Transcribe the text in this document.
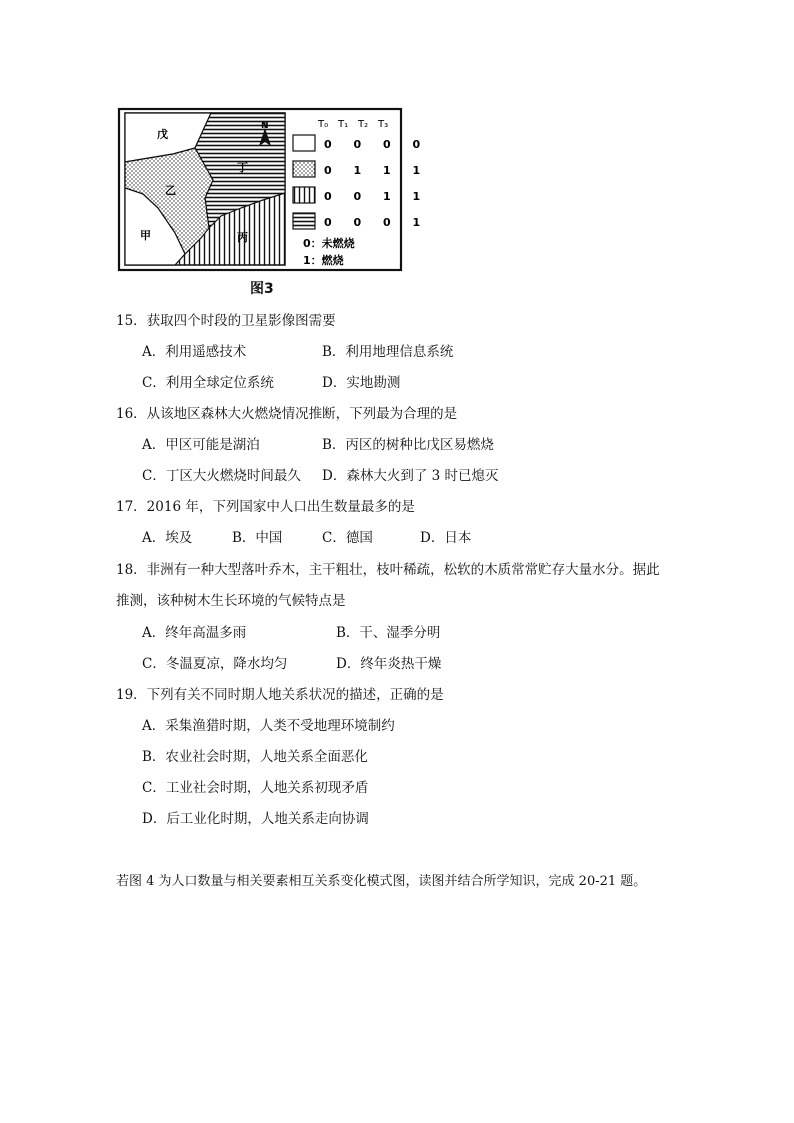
戊
丁
乙
甲	丙
N	T₀ T₁ T₂ T₃
0 0 0 0
0 1 1 1
0 0 1 1
0 0 0 1
0：未燃烧
1：燃烧
图3
15．获取四个时段的卫星影像图需要
A．利用遥感技术	B．利用地理信息系统
C．利用全球定位系统	D．实地勘测
16．从该地区森林大火燃烧情况推断，下列最为合理的是
A．甲区可能是湖泊	B．丙区的树种比戊区易燃烧
C．丁区大火燃烧时间最久 D．森林大火到了 3 时已熄灭
17．2016 年，下列国家中人口出生数量最多的是
A．埃及	B．中国	C．德国	D．日本
18．非洲有一种大型落叶乔木，主干粗壮，枝叶稀疏，松软的木质常常贮存大量水分。据此
推测，该种树木生长环境的气候特点是
A．终年高温多雨	B．干、湿季分明
C．冬温夏凉，降水均匀	D．终年炎热干燥
19．下列有关不同时期人地关系状况的描述，正确的是
A．采集渔猎时期，人类不受地理环境制约
B．农业社会时期，人地关系全面恶化
C．工业社会时期，人地关系初现矛盾
D．后工业化时期，人地关系走向协调
若图 4 为人口数量与相关要素相互关系变化模式图，读图并结合所学知识，完成 20-21 题。
